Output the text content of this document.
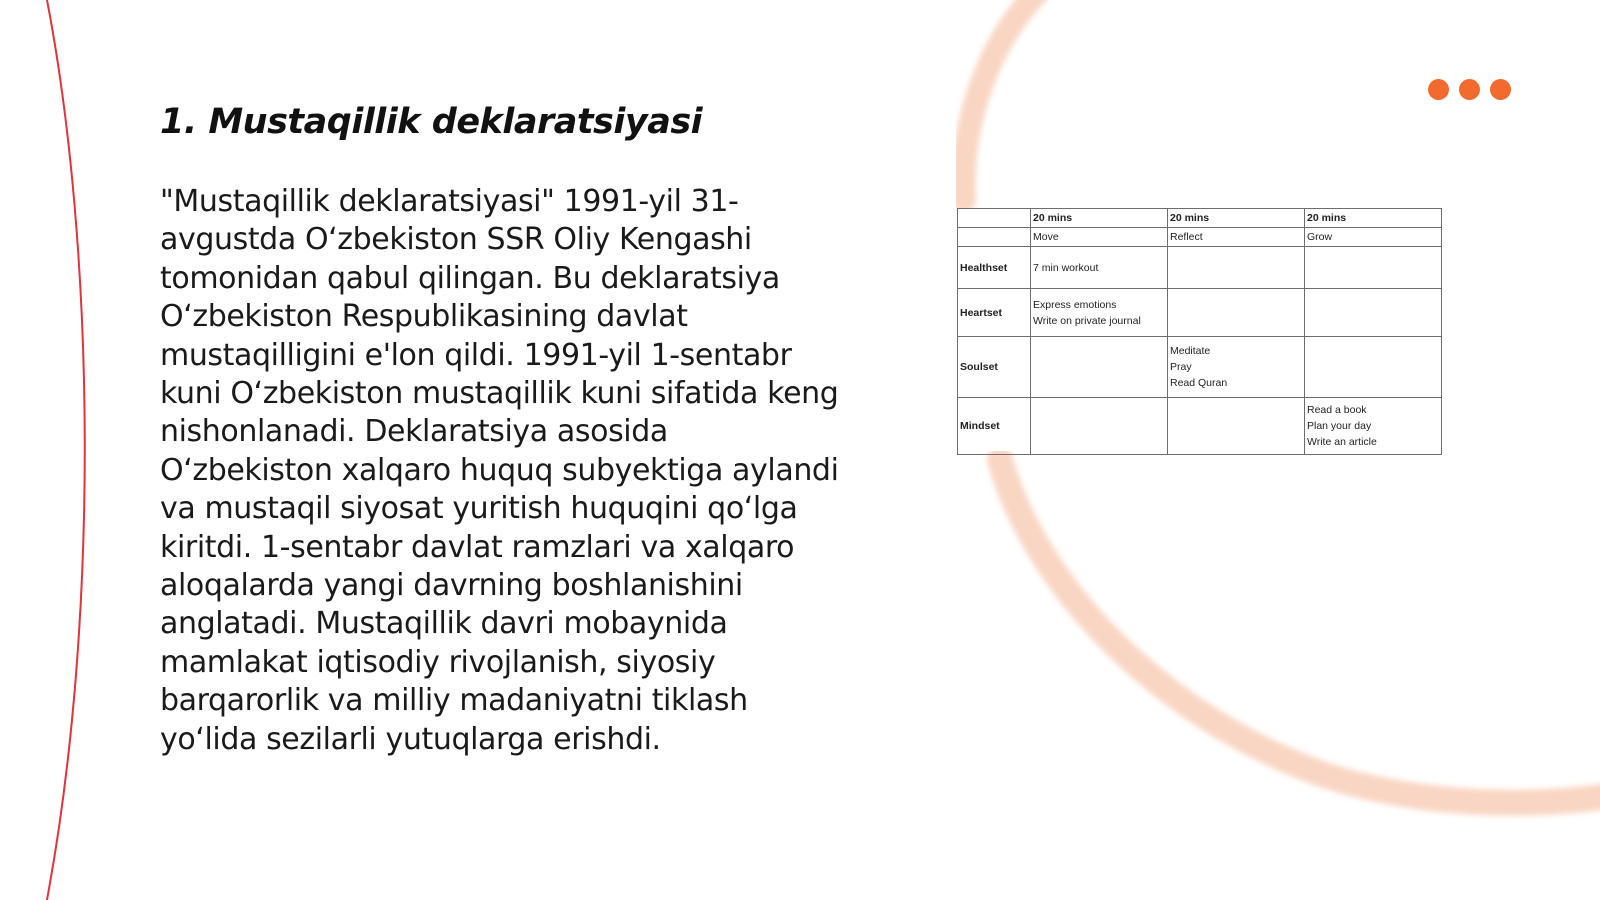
1. Mustaqillik deklaratsiyasi

"Mustaqillik deklaratsiyasi" 1991-yil 31-avgustda O‘zbekiston SSR Oliy Kengashi tomonidan qabul qilingan. Bu deklaratsiya O‘zbekiston Respublikasining davlat mustaqilligini e'lon qildi. 1991-yil 1-sentabr kuni O‘zbekiston mustaqillik kuni sifatida keng nishonlanadi. Deklaratsiya asosida O‘zbekiston xalqaro huquq subyektiga aylandi va mustaqil siyosat yuritish huquqini qo‘lga kiritdi. 1-sentabr davlat ramzlari va xalqaro aloqalarda yangi davrning boshlanishini anglatadi. Mustaqillik davri mobaynida mamlakat iqtisodiy rivojlanish, siyosiy barqarorlik va milliy madaniyatni tiklash yo‘lida sezilarli yutuqlarga erishdi.

	20 mins	20 mins	20 mins
	Move	Reflect	Grow
Healthset	7 min workout		

Heartset	Express emotions
Write on private journal		

Soulset		Meditate
Pray
Read Quran	

Mindset			Read a book
Plan your day
Write an article
